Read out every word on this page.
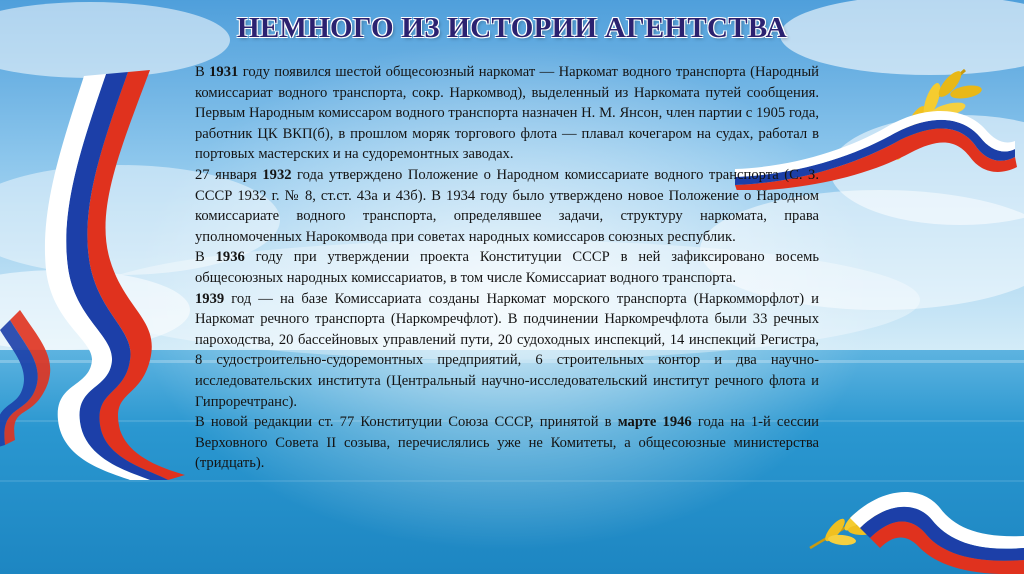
НЕМНОГО ИЗ ИСТОРИИ АГЕНТСТВА

В 1931 году появился шестой общесоюзный наркомат — Наркомат водного транспорта (Народный комиссариат водного транспорта, сокр. Наркомвод), выделенный из Наркомата путей сообщения. Первым Народным комиссаром водного транспорта назначен Н. М. Янсон, член партии с 1905 года, работник ЦК ВКП(б), в прошлом моряк торгового флота — плавал кочегаром на судах, работал в портовых мастерских и на судоремонтных заводах.

27 января 1932 года утверждено Положение о Народном комиссариате водного транспорта (С. З. СССР 1932 г. № 8, ст.ст. 43а и 43б). В 1934 году было утверждено новое Положение о Народном комиссариате водного транспорта, определявшее задачи, структуру наркомата, права уполномоченных Нарокомвода при советах народных комиссаров союзных республик.

В 1936 году при утверждении проекта Конституции СССР в ней зафиксировано восемь общесоюзных народных комиссариатов, в том числе Комиссариат водного транспорта.

1939 год — на базе Комиссариата созданы Наркомат морского транспорта (Наркомморфлот) и Наркомат речного транспорта (Наркомречфлот). В подчинении Наркомречфлота были 33 речных пароходства, 20 бассейновых управлений пути, 20 судоходных инспекций, 14 инспекций Регистра, 8 судостроительно-судоремонтных предприятий, 6 строительных контор и два научно-исследовательских института (Центральный научно-исследовательский институт речного флота и Гипроречтранс).

В новой редакции ст. 77 Конституции Союза СССР, принятой в марте 1946 года на 1-й сессии Верховного Совета II созыва, перечислялись уже не Комитеты, а общесоюзные министерства (тридцать).
